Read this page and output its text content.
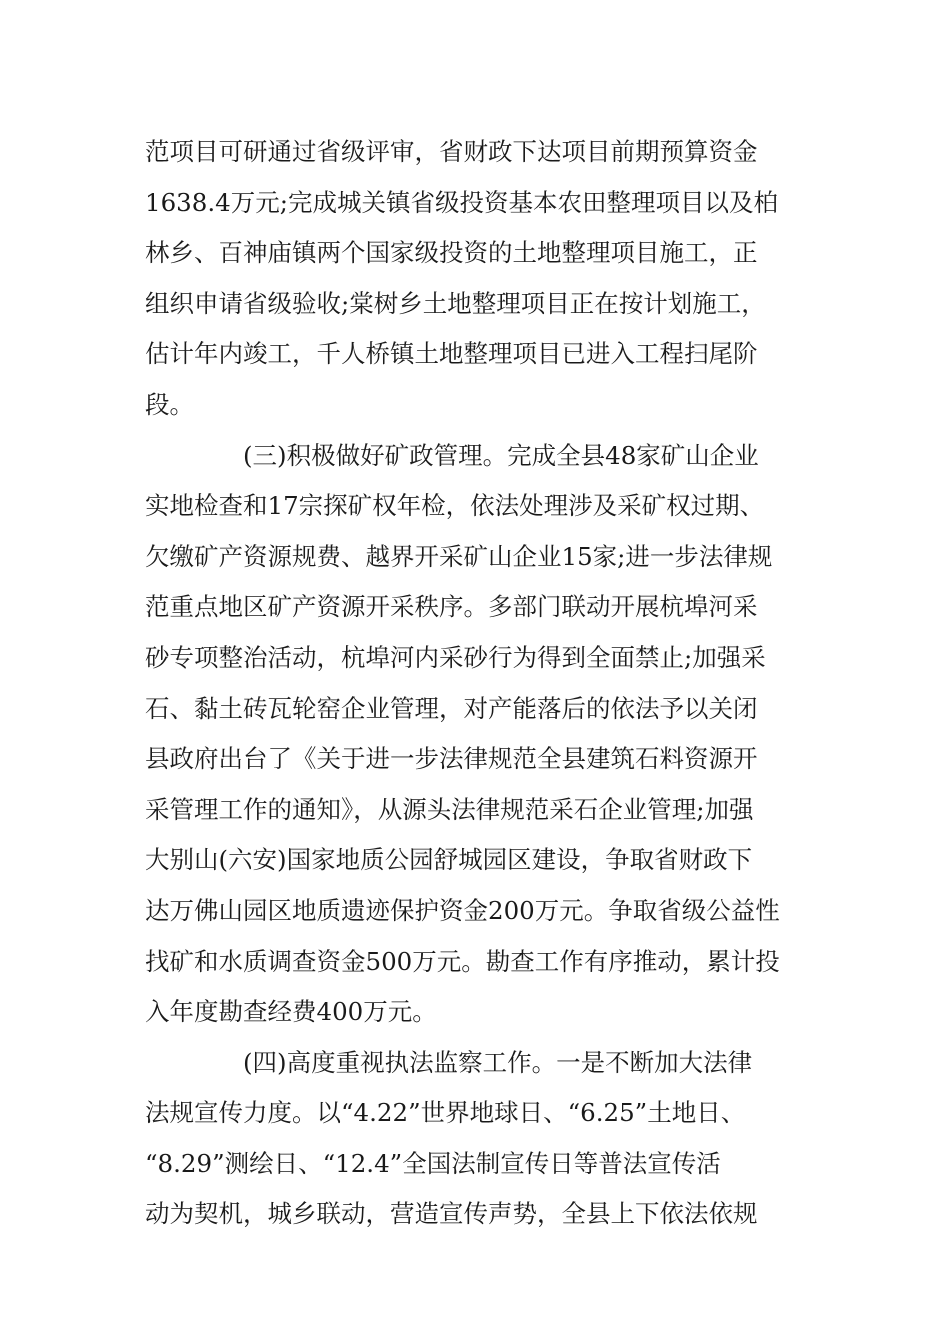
范项目可研通过省级评审，省财政下达项目前期预算资金

1638.4万元;完成城关镇省级投资基本农田整理项目以及柏

林乡、百神庙镇两个国家级投资的土地整理项目施工，正

组织申请省级验收;棠树乡土地整理项目正在按计划施工，

估计年内竣工，千人桥镇土地整理项目已进入工程扫尾阶

段。

(三)积极做好矿政管理。完成全县48家矿山企业

实地检查和17宗探矿权年检，依法处理涉及采矿权过期、

欠缴矿产资源规费、越界开采矿山企业15家;进一步法律规

范重点地区矿产资源开采秩序。多部门联动开展杭埠河采

砂专项整治活动，杭埠河内采砂行为得到全面禁止;加强采

石、黏土砖瓦轮窑企业管理，对产能落后的依法予以关闭

县政府出台了《关于进一步法律规范全县建筑石料资源开

采管理工作的通知》，从源头法律规范采石企业管理;加强

大别山(六安)国家地质公园舒城园区建设，争取省财政下

达万佛山园区地质遗迹保护资金200万元。争取省级公益性

找矿和水质调查资金500万元。勘查工作有序推动，累计投

入年度勘查经费400万元。

(四)高度重视执法监察工作。一是不断加大法律

法规宣传力度。以“4.22”世界地球日、“6.25”土地日、

“8.29”测绘日、“12.4”全国法制宣传日等普法宣传活

动为契机，城乡联动，营造宣传声势，全县上下依法依规
